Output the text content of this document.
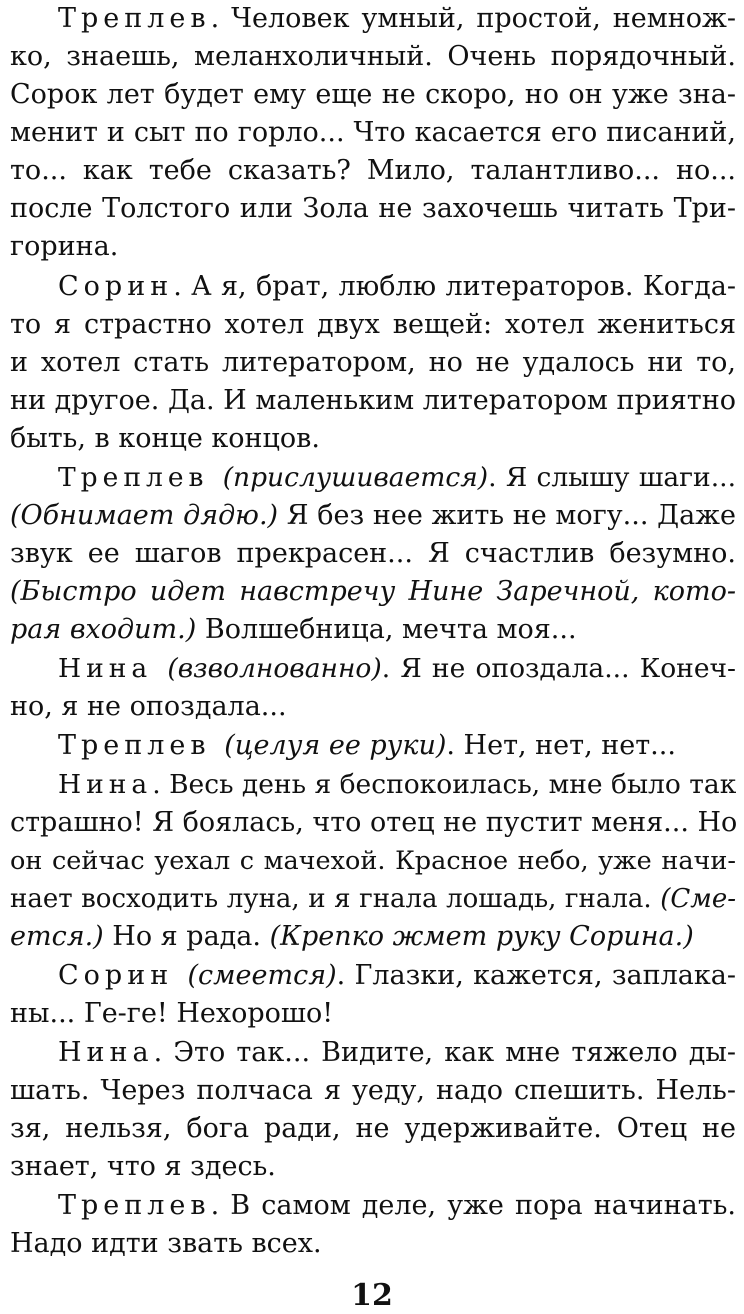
Треплев. Человек умный, простой, немнож-
ко, знаешь, меланхоличный. Очень порядочный.
Сорок лет будет ему еще не скоро, но он уже зна-
менит и сыт по горло... Что касается его писаний,
то... как тебе сказать? Мило, талантливо... но...
после Толстого или Зола не захочешь читать Три-
горина.
Сорин. А я, брат, люблю литераторов. Когда-
то я страстно хотел двух вещей: хотел жениться
и хотел стать литератором, но не удалось ни то,
ни другое. Да. И маленьким литератором приятно
быть, в конце концов.
Треплев (прислушивается). Я слышу шаги...
(Обнимает дядю.) Я без нее жить не могу... Даже
звук ее шагов прекрасен... Я счастлив безумно.
(Быстро идет навстречу Нине Заречной, кото-
рая входит.) Волшебница, мечта моя...
Нина (взволнованно). Я не опоздала... Конеч-
но, я не опоздала...
Треплев (целуя ее руки). Нет, нет, нет...
Нина. Весь день я беспокоилась, мне было так
страшно! Я боялась, что отец не пустит меня... Но
он сейчас уехал с мачехой. Красное небо, уже начи-
нает восходить луна, и я гнала лошадь, гнала. (Сме-
ется.) Но я рада. (Крепко жмет руку Сорина.)
Сорин (смеется). Глазки, кажется, заплака-
ны... Ге-ге! Нехорошо!
Нина. Это так... Видите, как мне тяжело ды-
шать. Через полчаса я уеду, надо спешить. Нель-
зя, нельзя, бога ради, не удерживайте. Отец не
знает, что я здесь.
Треплев. В самом деле, уже пора начинать.
Надо идти звать всех.
12
